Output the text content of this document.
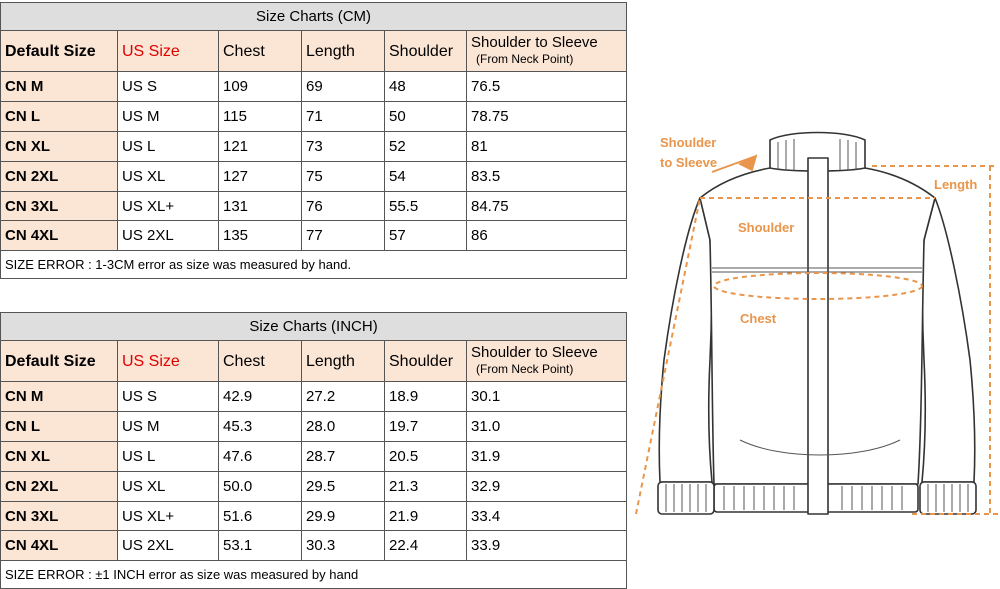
Size Charts (CM)					
Default Size	US Size	Chest	Length	Shoulder	Shoulder to Sleeve
(From Neck Point)

CN M	US S	109	69	48	76.5
CN L	US M	115	71	50	78.75
CN XL	US L	121	73	52	81
CN 2XL	US XL	127	75	54	83.5
CN 3XL	US XL+	131	76	55.5	84.75
CN 4XL	US 2XL	135	77	57	86
SIZE ERROR : 1-3CM error as size was measured by hand.					
Size Charts (INCH)					
Default Size	US Size	Chest	Length	Shoulder	Shoulder to Sleeve
(From Neck Point)

CN M	US S	42.9	27.2	18.9	30.1
CN L	US M	45.3	28.0	19.7	31.0
CN XL	US L	47.6	28.7	20.5	31.9
CN 2XL	US XL	50.0	29.5	21.3	32.9
CN 3XL	US XL+	51.6	29.9	21.9	33.4
CN 4XL	US 2XL	53.1	30.3	22.4	33.9
SIZE ERROR : ±1 INCH error as size was measured by hand					
Shoulder
to Sleeve
Length
Shoulder
Chest
